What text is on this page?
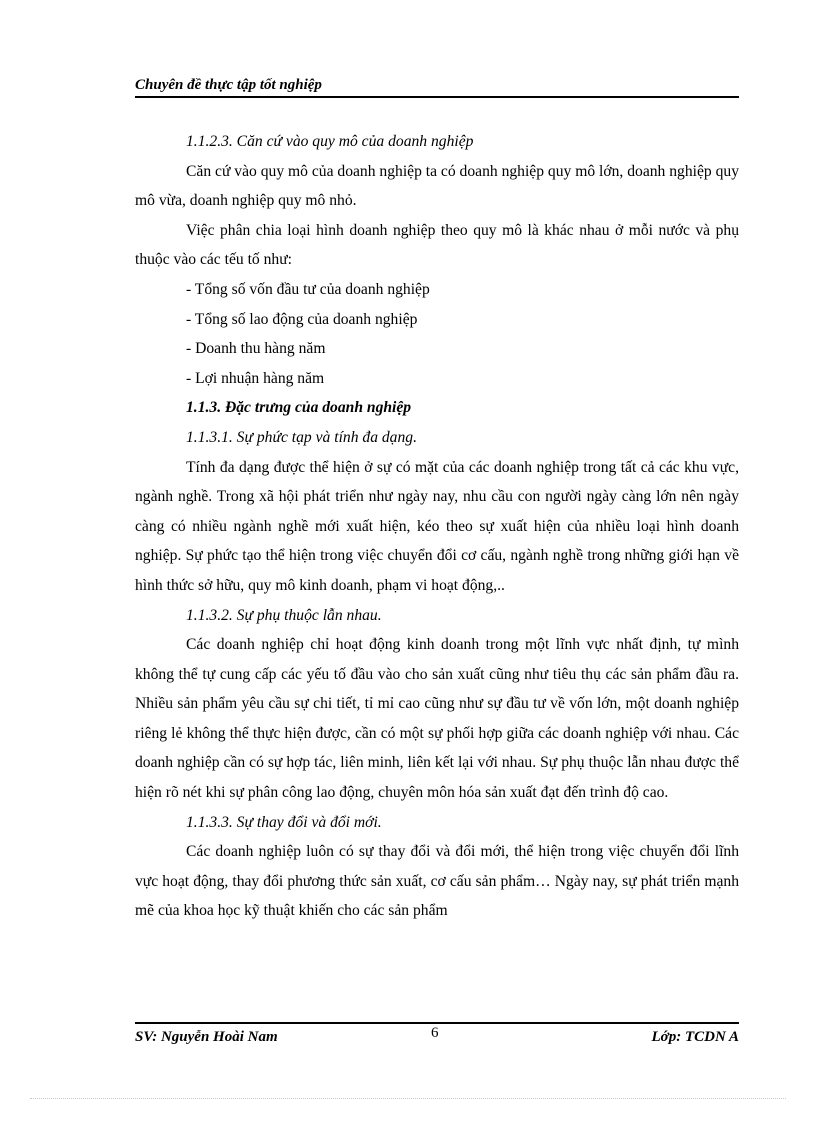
Chuyên đề thực tập tốt nghiệp

1.1.2.3. Căn cứ vào quy mô của doanh nghiệp

Căn cứ vào quy mô của doanh nghiệp ta có doanh nghiệp quy mô lớn, doanh nghiệp quy mô vừa, doanh nghiệp quy mô nhỏ.

Việc phân chia loại hình doanh nghiệp theo quy mô là khác nhau ở mỗi nước và phụ thuộc vào các tếu tố như:

- Tổng số vốn đầu tư của doanh nghiệp

- Tổng số lao động của doanh nghiệp

- Doanh thu hàng năm

- Lợi nhuận hàng năm

1.1.3. Đặc trưng của doanh nghiệp

1.1.3.1. Sự phức tạp và tính đa dạng.

Tính đa dạng được thể hiện ở sự có mặt của các doanh nghiệp trong tất cả các khu vực, ngành nghề. Trong xã hội phát triển như ngày nay, nhu cầu con người ngày càng lớn nên ngày càng có nhiều ngành nghề mới xuất hiện, kéo theo sự xuất hiện của nhiều loại hình doanh nghiệp. Sự phức tạo thể hiện trong việc chuyển đổi cơ cấu, ngành nghề trong những giới hạn về hình thức sở hữu, quy mô kinh doanh, phạm vi hoạt động,..

1.1.3.2. Sự phụ thuộc lẫn nhau.

Các doanh nghiệp chỉ hoạt động kinh doanh trong một lĩnh vực nhất định, tự mình không thể tự cung cấp các yếu tố đầu vào cho sản xuất cũng như tiêu thụ các sản phẩm đầu ra. Nhiều sản phẩm yêu cầu sự chi tiết, tỉ mỉ cao cũng như sự đầu tư về vốn lớn, một doanh nghiệp riêng lẻ không thể thực hiện được, cần có một sự phối hợp giữa các doanh nghiệp với nhau. Các doanh nghiệp cần có sự hợp tác, liên minh, liên kết lại với nhau. Sự phụ thuộc lẫn nhau được thể hiện rõ nét khi sự phân công lao động, chuyên môn hóa sản xuất đạt đến trình độ cao.

1.1.3.3. Sự thay đổi và đổi mới.

Các doanh nghiệp luôn có sự thay đổi và đổi mới, thể hiện trong việc chuyển đổi lĩnh vực hoạt động, thay đổi phương thức sản xuất, cơ cấu sản phẩm… Ngày nay, sự phát triển mạnh mẽ của khoa học kỹ thuật khiến cho các sản phẩm

SV: Nguyễn Hoài Nam	6	Lớp: TCDN A
